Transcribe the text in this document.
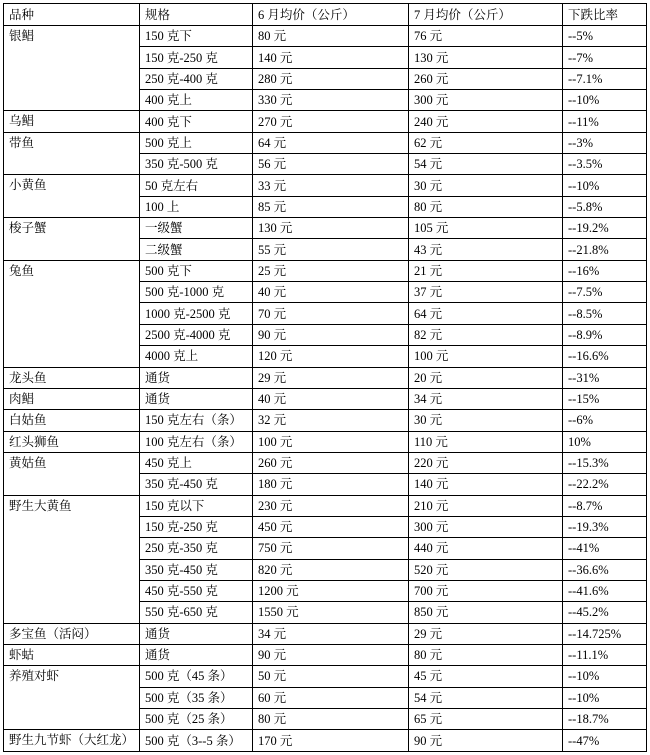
品种	规格	6 月均价（公斤）	7 月均价（公斤）	下跌比率
银鲳	150 克下	80 元	76 元	--5%
	150 克-250 克	140 元	130 元	--7%
	250 克-400 克	280 元	260 元	--7.1%
	400 克上	330 元	300 元	--10%
乌鲳	400 克下	270 元	240 元	--11%
带鱼	500 克上	64 元	62 元	--3%
	350 克-500 克	56 元	54 元	--3.5%
小黄鱼	50 克左右	33 元	30 元	--10%
	100 上	85 元	80 元	--5.8%
梭子蟹	一级蟹	130 元	105 元	--19.2%
	二级蟹	55 元	43 元	--21.8%
兔鱼	500 克下	25 元	21 元	--16%
	500 克-1000 克	40 元	37 元	--7.5%
	1000 克-2500 克	70 元	64 元	--8.5%
	2500 克-4000 克	90 元	82 元	--8.9%
	4000 克上	120 元	100 元	--16.6%
龙头鱼	通货	29 元	20 元	--31%
肉鲳	通货	40 元	34 元	--15%
白姑鱼	150 克左右（条）	32 元	30 元	--6%
红头狮鱼	100 克左右（条）	100 元	110 元	10%
黄姑鱼	450 克上	260 元	220 元	--15.3%
	350 克-450 克	180 元	140 元	--22.2%
野生大黄鱼	150 克以下	230 元	210 元	--8.7%
	150 克-250 克	450 元	300 元	--19.3%
	250 克-350 克	750 元	440 元	--41%
	350 克-450 克	820 元	520 元	--36.6%
	450 克-550 克	1200 元	700 元	--41.6%
	550 克-650 克	1550 元	850 元	--45.2%
多宝鱼（活闷）	通货	34 元	29 元	--14.725%
虾蛄	通货	90 元	80 元	--11.1%
养殖对虾	500 克（45 条）	50 元	45 元	--10%
	500 克（35 条）	60 元	54 元	--10%
	500 克（25 条）	80 元	65 元	--18.7%
野生九节虾（大红龙）	500 克（3--5 条）	170 元	90 元	--47%
